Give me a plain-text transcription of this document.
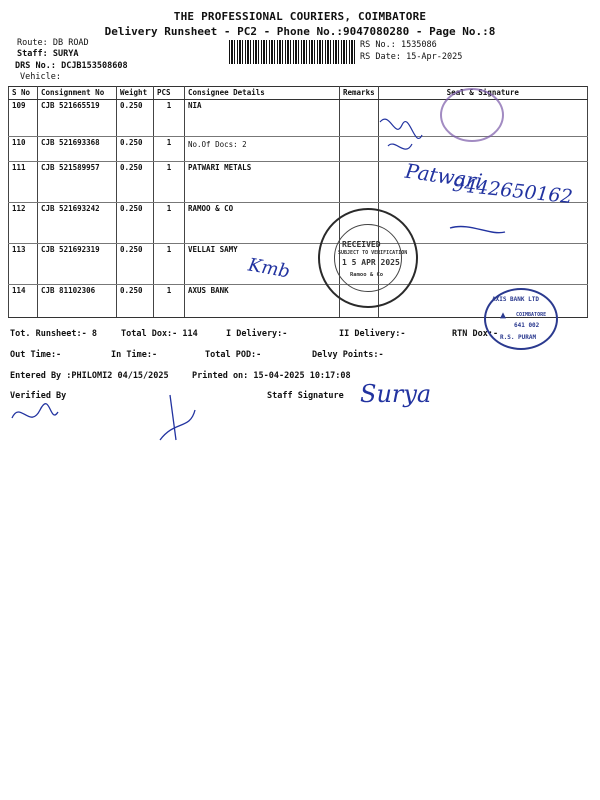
THE PROFESSIONAL COURIERS, COIMBATORE
Delivery Runsheet - PC2 - Phone No.:9047080280 - Page No.:8
Route: DB ROAD
Staff: SURYA
DRS No.: DCJB153508608
Vehicle:
RS No.: 1535086
RS Date: 15-Apr-2025
S No	Consignment No	Weight	PCS	Consignee Details	Remarks	Seal & Signature
109	CJB 521665519	0.250	1	NIA		
110	CJB 521693368	0.250	1	No.Of Docs: 2		

111	CJB 521589957	0.250	1	PATWARI METALS		
112	CJB 521693242	0.250	1	RAMOO & CO		
113	CJB 521692319	0.250	1	VELLAI SAMY		
114	CJB 81102306	0.250	1	AXUS BANK		
Tot. Runsheet:- 8	Total Dox:- 114	I Delivery:-	II Delivery:-	RTN Dox:-
Out Time:-	In Time:-	Total POD:-	Delvy Points:-
Entered By :PHILOMI2 04/15/2025	Printed on: 15-04-2025 10:17:08
Verified By	Staff Signature
RECEIVED
SUBJECT TO VERIFICATION
1 5 APR 2025
Ramoo & Co
AXIS BANK LTD
▲ COIMBATORE
641 002
R.S. PURAM
Patwari
9442650162
Kmb
Surya
